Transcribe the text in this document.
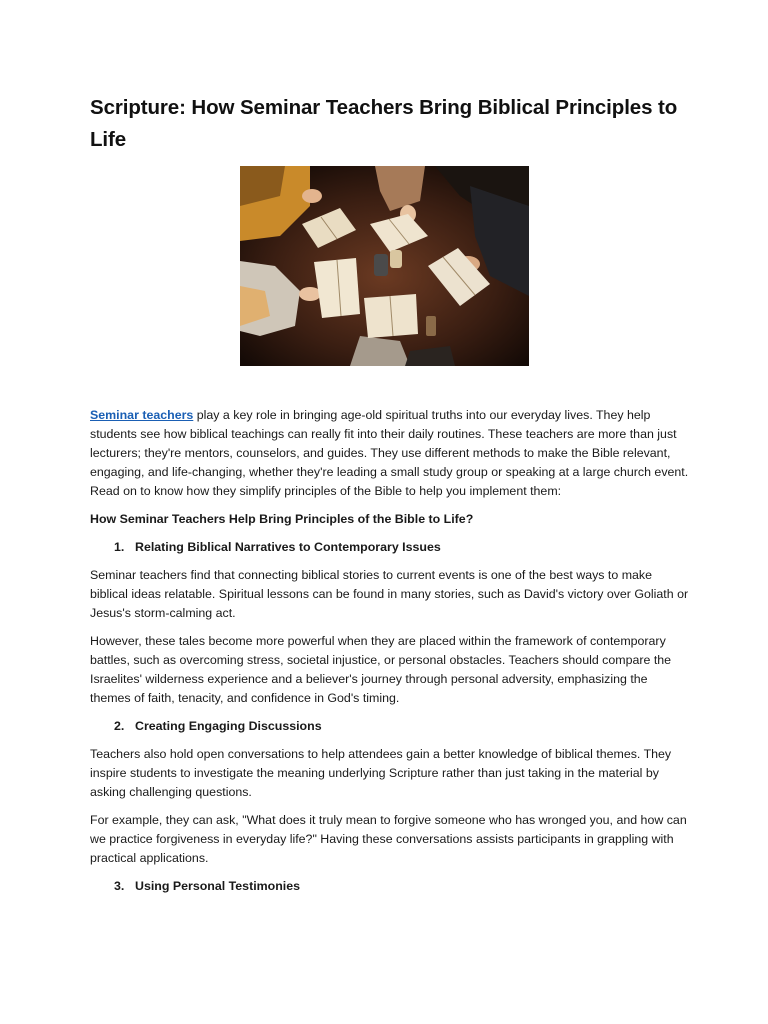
Scripture: How Seminar Teachers Bring Biblical Principles to Life

Seminar teachers play a key role in bringing age-old spiritual truths into our everyday lives. They help students see how biblical teachings can really fit into their daily routines. These teachers are more than just lecturers; they're mentors, counselors, and guides. They use different methods to make the Bible relevant, engaging, and life-changing, whether they're leading a small study group or speaking at a large church event. Read on to know how they simplify principles of the Bible to help you implement them:

How Seminar Teachers Help Bring Principles of the Bible to Life?
1. Relating Biblical Narratives to Contemporary Issues

Seminar teachers find that connecting biblical stories to current events is one of the best ways to make biblical ideas relatable. Spiritual lessons can be found in many stories, such as David's victory over Goliath or Jesus's storm-calming act.

However, these tales become more powerful when they are placed within the framework of contemporary battles, such as overcoming stress, societal injustice, or personal obstacles. Teachers should compare the Israelites' wilderness experience and a believer's journey through personal adversity, emphasizing the themes of faith, tenacity, and confidence in God's timing.

2. Creating Engaging Discussions

Teachers also hold open conversations to help attendees gain a better knowledge of biblical themes. They inspire students to investigate the meaning underlying Scripture rather than just taking in the material by asking challenging questions.

For example, they can ask, "What does it truly mean to forgive someone who has wronged you, and how can we practice forgiveness in everyday life?" Having these conversations assists participants in grappling with practical applications.

3. Using Personal Testimonies
